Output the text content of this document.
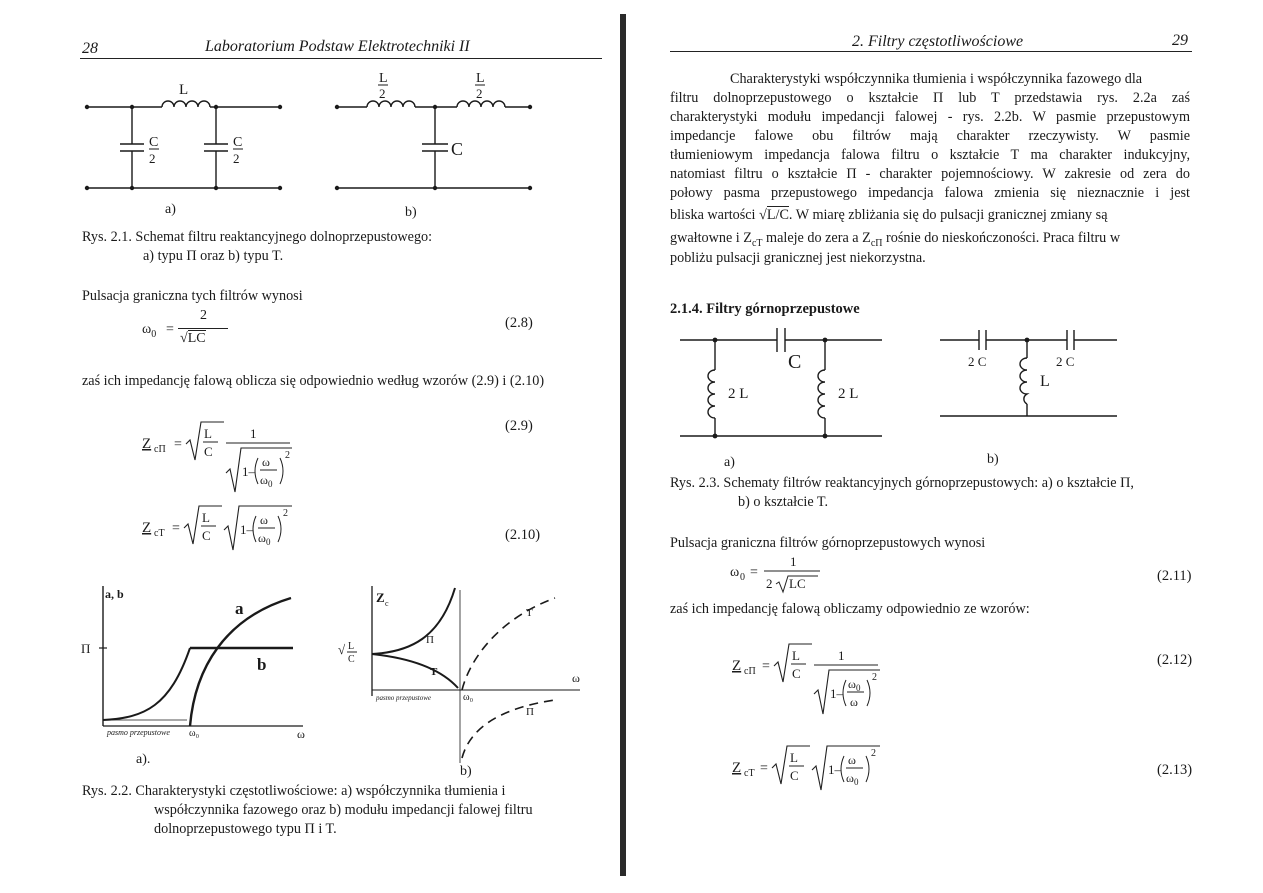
28	Laboratorium Podstaw Elektrotechniki II
L
C
2
C
2
L
2
L
2
C
a)	b)
Rys. 2.1. Schemat filtru reaktancyjnego dolnoprzepustowego:
a) typu Π oraz b) typu T.
Pulsacja graniczna tych filtrów wynosi
$\omega_0$ =
2
√LC
(2.8)
zaś ich impedancję falową oblicza się odpowiednio według wzorów (2.9) i (2.10)
Z cΠ =
L
C
1
1–
ω
ω 0
2
(2.9)
Z cT =
L
C 1–
ω
ω 0
2
(2.10)
a, b
a
b
Π
pasmo przepustowe ω₀	ω
Z c
√ L
C
Π
T
T
Π
pasmo przepustowe	ω₀
ω
a).
b)
Rys. 2.2. Charakterystyki częstotliwościowe: a) współczynnika tłumienia i
współczynnika fazowego oraz b) modułu impedancji falowej filtru
dolnoprzepustowego typu Π i T.
2. Filtry częstotliwościowe	29
Charakterystyki współczynnika tłumienia i współczynnika fazowego dla
filtru dolnoprzepustowego o kształcie Π lub T przedstawia rys. 2.2a zaś
charakterystyki modułu impedancji falowej - rys. 2.2b. W pasmie przepustowym
impedancje falowe obu filtrów mają charakter rzeczywisty. W pasmie
tłumieniowym impedancja falowa filtru o kształcie T ma charakter indukcyjny,
natomiast filtru o kształcie Π - charakter pojemnościowy. W zakresie od zera do
połowy pasma przepustowego impedancja falowa zmienia się nieznacznie i jest
bliska wartości √L/C. W miarę zbliżania się do pulsacji granicznej zmiany są
gwałtowne i $Z_{cT}$ maleje do zera a $Z_{c\Pi}$ rośnie do nieskończoności. Praca filtru w
pobliżu pulsacji granicznej jest niekorzystna.
2.1.4. Filtry górnoprzepustowe
C
2 L	2 L
2 C	2 C
L
a)	b)
Rys. 2.3. Schematy filtrów reaktancyjnych górnoprzepustowych: a) o kształcie Π,
b) o kształcie T.
Pulsacja graniczna filtrów górnoprzepustowych wynosi
ω 0 =
1
2 LC	(2.11)
zaś ich impedancję falową obliczamy odpowiednio ze wzorów:
Z cΠ =
L
C
1
1–
ω 0
ω
2
(2.12)
Z cT =
L
C 1–
ω
ω 0
2
(2.13)
